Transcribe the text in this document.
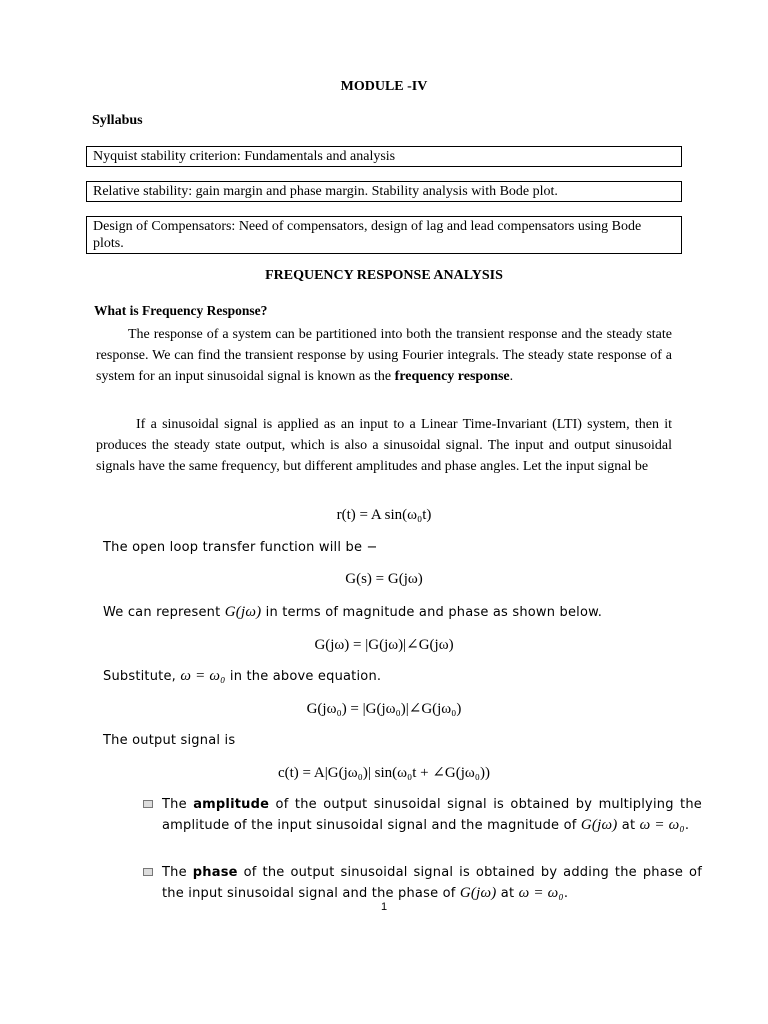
MODULE -IV
Syllabus
Nyquist stability criterion: Fundamentals and analysis
Relative stability: gain margin and phase margin. Stability analysis with Bode plot.
Design of Compensators: Need of compensators, design of lag and lead compensators using Bode plots.
FREQUENCY RESPONSE ANALYSIS
What is Frequency Response?
The response of a system can be partitioned into both the transient response and the steady state response. We can find the transient response by using Fourier integrals. The steady state response of a system for an input sinusoidal signal is known as the frequency response.
If a sinusoidal signal is applied as an input to a Linear Time-Invariant (LTI) system, then it produces the steady state output, which is also a sinusoidal signal. The input and output sinusoidal signals have the same frequency, but different amplitudes and phase angles. Let the input signal be
r(t) = A sin(ω₀t)
The open loop transfer function will be −
G(s) = G(jω)
We can represent G(jω) in terms of magnitude and phase as shown below.
G(jω) = |G(jω)|∠G(jω)
Substitute, ω = ω₀ in the above equation.
G(jω₀) = |G(jω₀)|∠G(jω₀)
The output signal is
c(t) = A|G(jω₀)| sin(ω₀t + ∠G(jω₀))
The amplitude of the output sinusoidal signal is obtained by multiplying the amplitude of the input sinusoidal signal and the magnitude of G(jω) at ω = ω₀.
The phase of the output sinusoidal signal is obtained by adding the phase of the input sinusoidal signal and the phase of G(jω) at ω = ω₀.
1
